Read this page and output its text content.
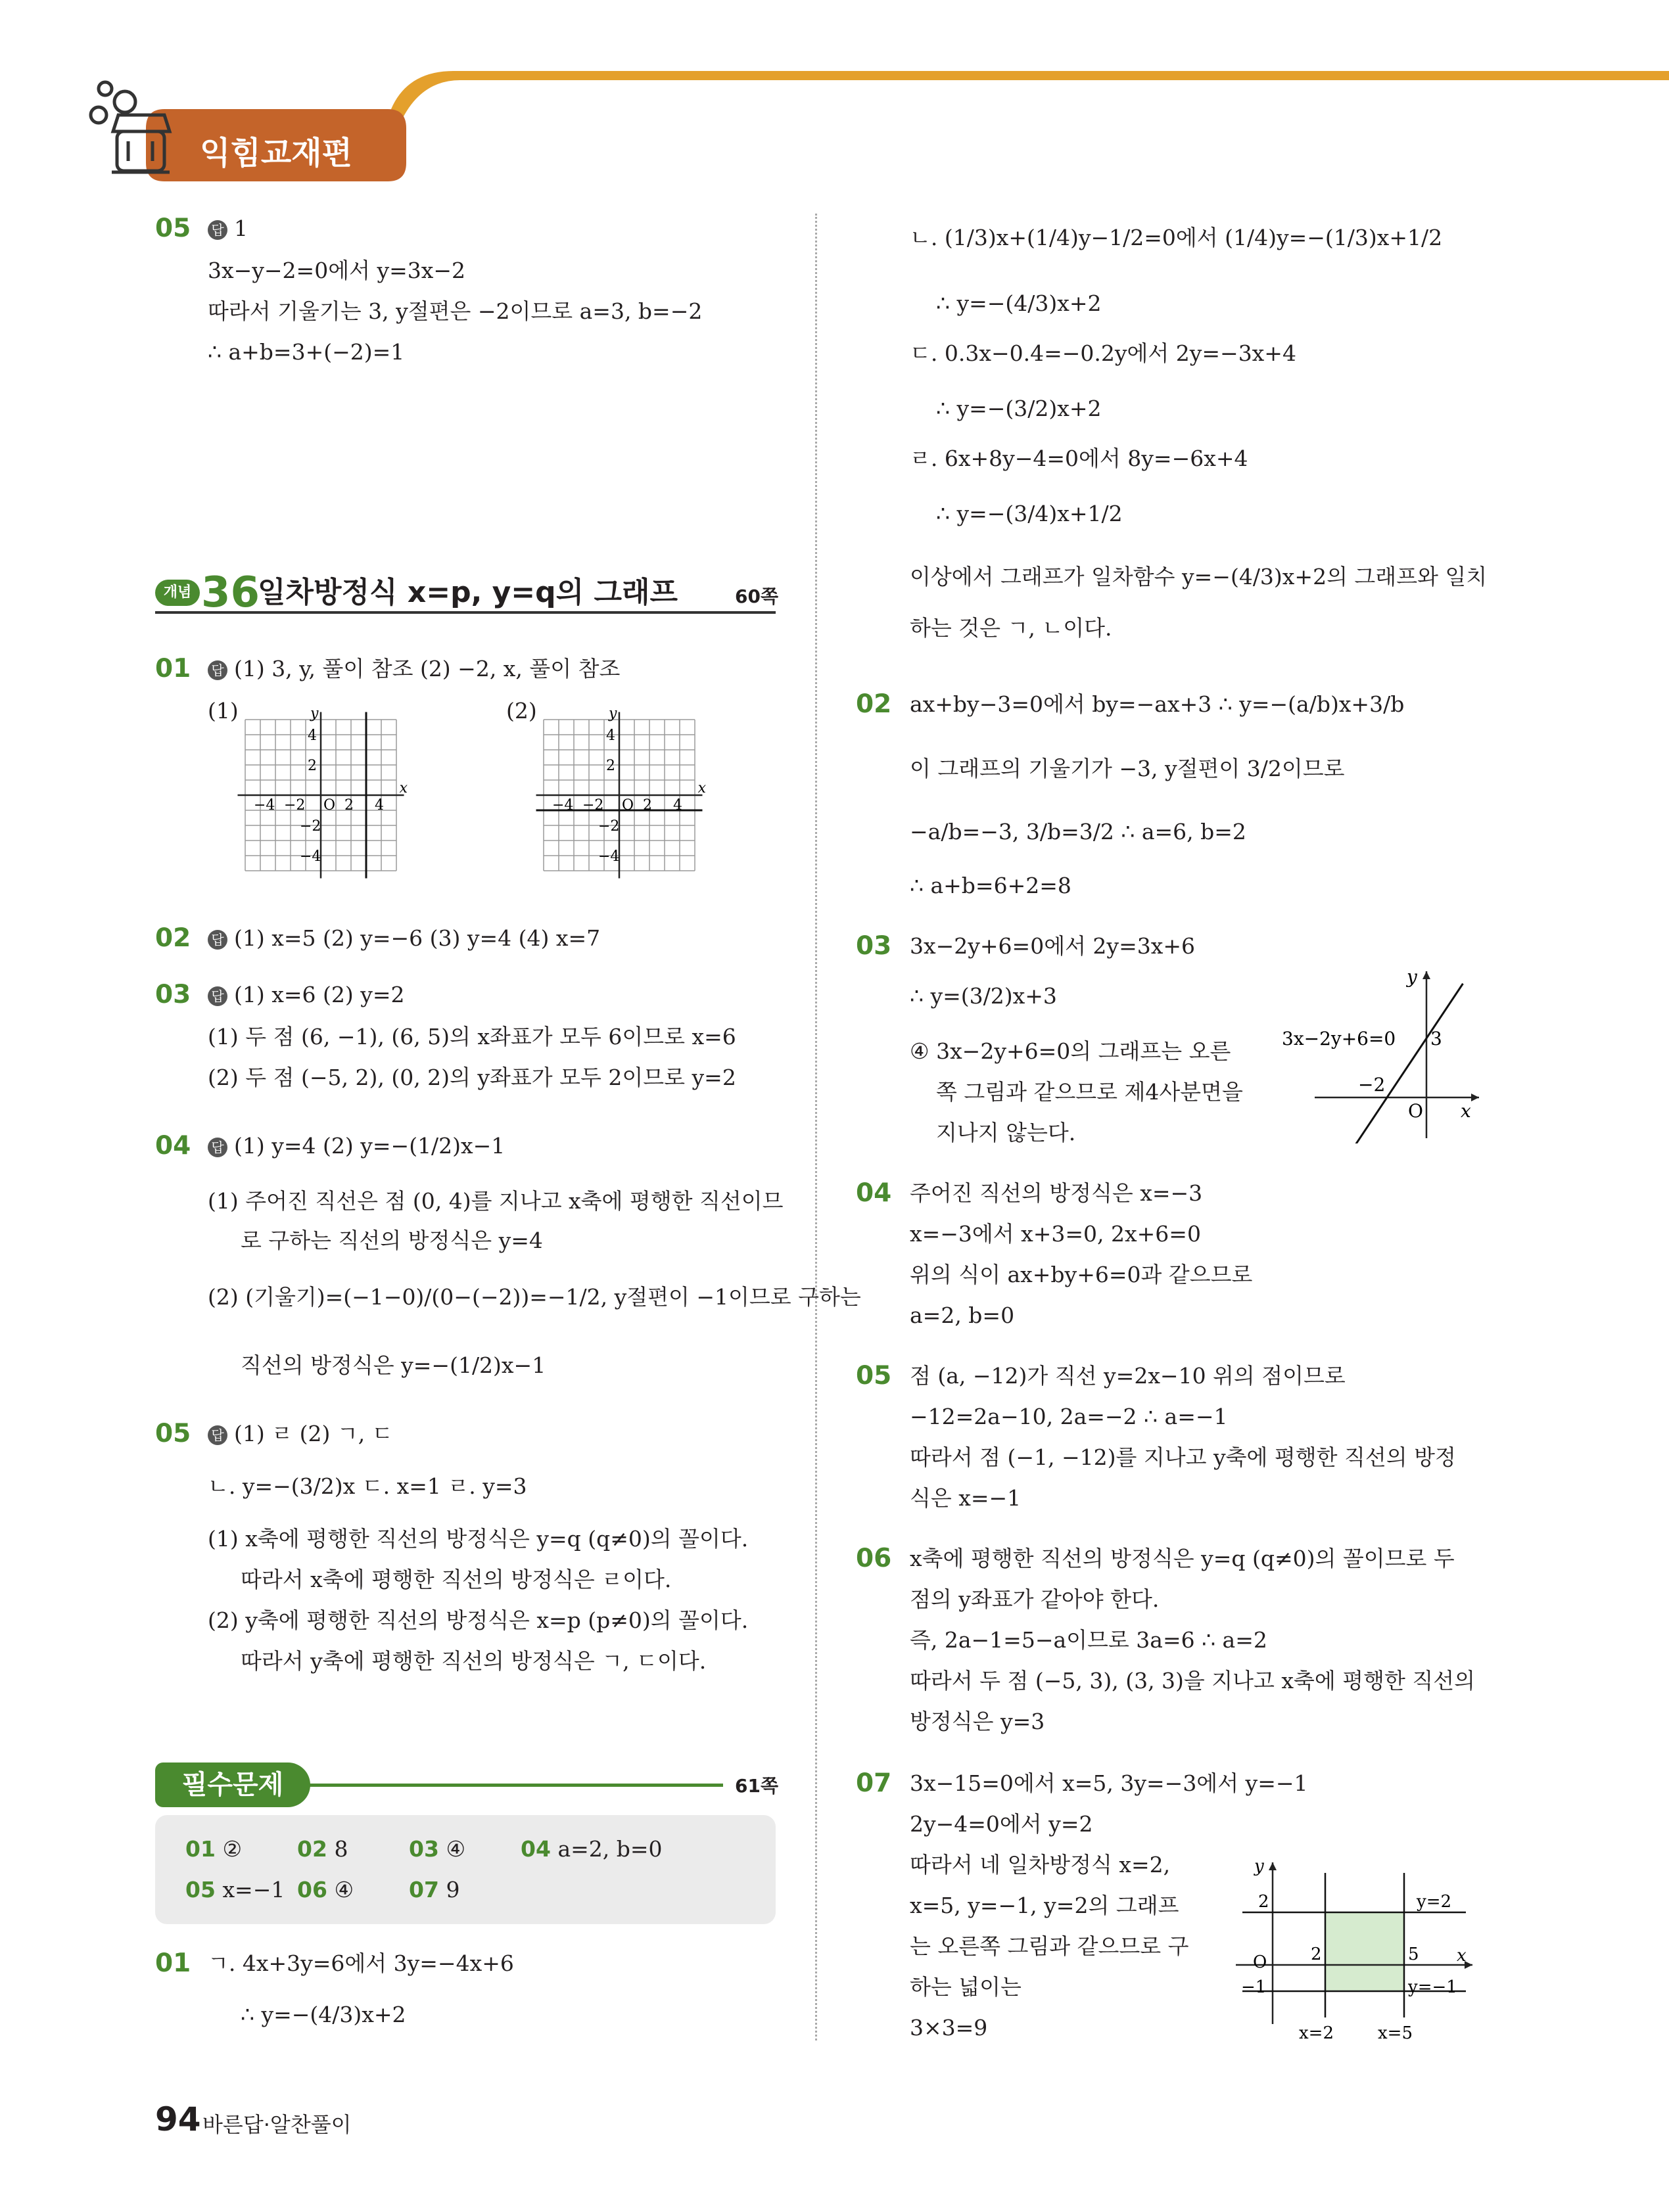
익힘교재편
05 답 1
3x−y−2=0에서 y=3x−2
따라서 기울기는 3, y절편은 −2이므로 a=3, b=−2
∴ a+b=3+(−2)=1
개념 36
일차방정식 x=p, y=q의 그래프	60쪽
01 답 (1) 3, y, 풀이 참조 (2) −2, x, 풀이 참조
(1)	(2)
x
y
−4 −2 O 2 4
4
2
−2
−4
x
y
−4 −2 O 2 4
4
2
−2
−4
02 답 (1) x=5 (2) y=−6 (3) y=4 (4) x=7
03 답 (1) x=6 (2) y=2
(1) 두 점 (6, −1), (6, 5)의 x좌표가 모두 6이므로 x=6
(2) 두 점 (−5, 2), (0, 2)의 y좌표가 모두 2이므로 y=2
04 답 (1) y=4 (2) y=−(1/2)x−1
(1) 주어진 직선은 점 (0, 4)를 지나고 x축에 평행한 직선이므
로 구하는 직선의 방정식은 y=4
(2) (기울기)=(−1−0)/(0−(−2))=−1/2, y절편이 −1이므로 구하는
직선의 방정식은 y=−(1/2)x−1
05 답 (1) ㄹ (2) ㄱ, ㄷ
ㄴ. y=−(3/2)x ㄷ. x=1 ㄹ. y=3
(1) x축에 평행한 직선의 방정식은 y=q (q≠0)의 꼴이다.
따라서 x축에 평행한 직선의 방정식은 ㄹ이다.
(2) y축에 평행한 직선의 방정식은 x=p (p≠0)의 꼴이다.
따라서 y축에 평행한 직선의 방정식은 ㄱ, ㄷ이다.
필수문제	61쪽
01 ②	02 8	03 ④	04 a=2, b=0
05 x=−1 06 ④	07 9
01 ㄱ. 4x+3y=6에서 3y=−4x+6
∴ y=−(4/3)x+2
ㄴ. (1/3)x+(1/4)y−1/2=0에서 (1/4)y=−(1/3)x+1/2
∴ y=−(4/3)x+2
ㄷ. 0.3x−0.4=−0.2y에서 2y=−3x+4
∴ y=−(3/2)x+2
ㄹ. 6x+8y−4=0에서 8y=−6x+4
∴ y=−(3/4)x+1/2
이상에서 그래프가 일차함수 y=−(4/3)x+2의 그래프와 일치
하는 것은 ㄱ, ㄴ이다.
02 ax+by−3=0에서 by=−ax+3 ∴ y=−(a/b)x+3/b
이 그래프의 기울기가 −3, y절편이 3/2이므로
−a/b=−3, 3/b=3/2 ∴ a=6, b=2
∴ a+b=6+2=8
03 3x−2y+6=0에서 2y=3x+6
∴ y=(3/2)x+3
④ 3x−2y+6=0의 그래프는 오른
쪽 그림과 같으므로 제4사분면을
지나지 않는다.
3x−2y+6=0 3
−2
O x
y
04 주어진 직선의 방정식은 x=−3
x=−3에서 x+3=0, 2x+6=0
위의 식이 ax+by+6=0과 같으므로
a=2, b=0
05 점 (a, −12)가 직선 y=2x−10 위의 점이므로
−12=2a−10, 2a=−2 ∴ a=−1
따라서 점 (−1, −12)를 지나고 y축에 평행한 직선의 방정
식은 x=−1
06 x축에 평행한 직선의 방정식은 y=q (q≠0)의 꼴이므로 두
점의 y좌표가 같아야 한다.
즉, 2a−1=5−a이므로 3a=6 ∴ a=2
따라서 두 점 (−5, 3), (3, 3)을 지나고 x축에 평행한 직선의
방정식은 y=3
07 3x−15=0에서 x=5, 3y=−3에서 y=−1
2y−4=0에서 y=2
따라서 네 일차방정식 x=2,
x=5, y=−1, y=2의 그래프
는 오른쪽 그림과 같으므로 구
하는 넓이는
3×3=9
y=2
y=−1
x=2	x=5
2	5
2
−1
O	x
y
94 바른답·알찬풀이
